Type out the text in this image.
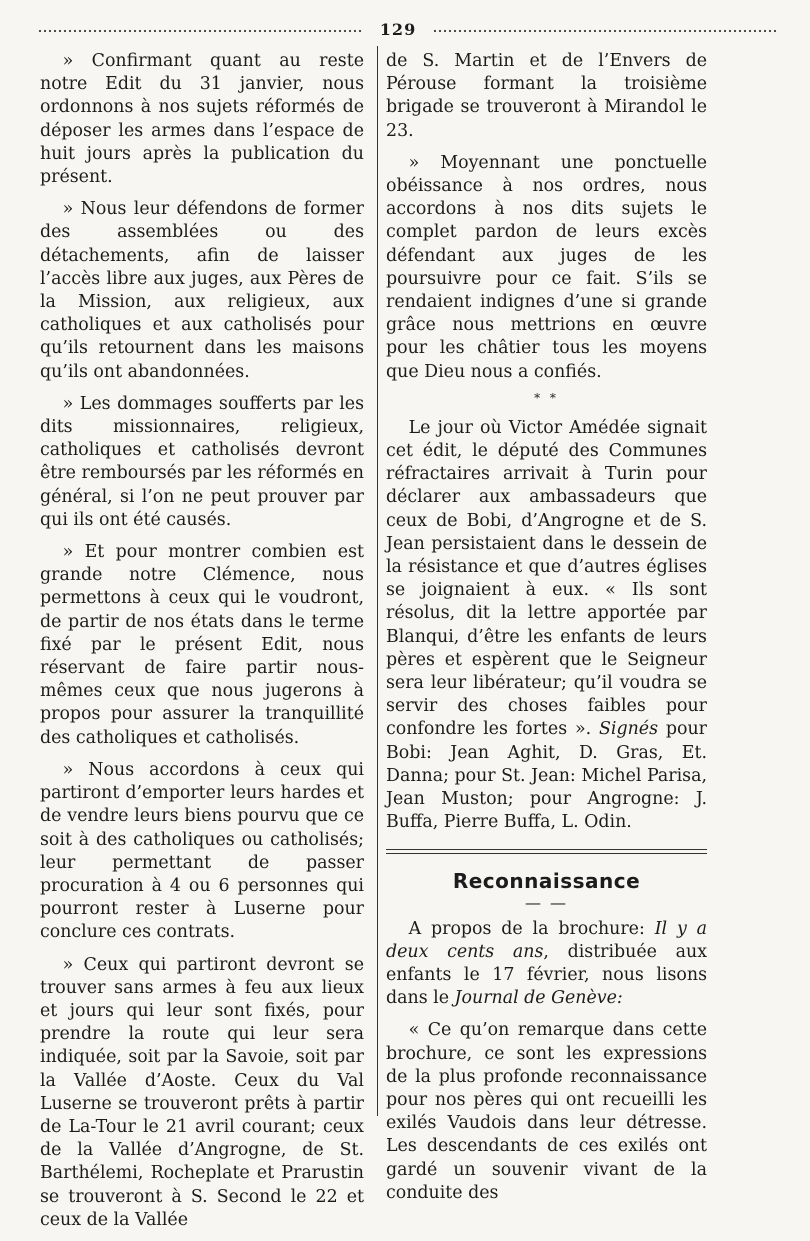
129

» Confirmant quant au reste notre Edit du 31 janvier, nous ordonnons à nos sujets réformés de déposer les armes dans l’espace de huit jours après la publication du présent.

» Nous leur défendons de former des assemblées ou des détachements, afin de laisser l’accès libre aux juges, aux Pères de la Mission, aux religieux, aux catholiques et aux catholisés pour qu’ils retournent dans les maisons qu’ils ont abandonnées.

» Les dommages soufferts par les dits missionnaires, religieux, catholiques et catholisés devront être remboursés par les réformés en général, si l’on ne peut prouver par qui ils ont été causés.

» Et pour montrer combien est grande notre Clémence, nous permettons à ceux qui le voudront, de partir de nos états dans le terme fixé par le présent Edit, nous réservant de faire partir nous-mêmes ceux que nous jugerons à propos pour assurer la tranquillité des catholiques et catholisés.

» Nous accordons à ceux qui partiront d’emporter leurs hardes et de vendre leurs biens pourvu que ce soit à des catholiques ou catholisés; leur permettant de passer procuration à 4 ou 6 personnes qui pourront rester à Luserne pour conclure ces contrats.

» Ceux qui partiront devront se trouver sans armes à feu aux lieux et jours qui leur sont fixés, pour prendre la route qui leur sera indiquée, soit par la Savoie, soit par la Vallée d’Aoste. Ceux du Val Luserne se trouveront prêts à partir de La-Tour le 21 avril courant; ceux de la Vallée d’Angrogne, de St. Barthélemi, Rocheplate et Prarustin se trouveront à S. Second le 22 et ceux de la Vallée

de S. Martin et de l’Envers de Pérouse formant la troisième brigade se trouveront à Mirandol le 23.

» Moyennant une ponctuelle obéissance à nos ordres, nous accordons à nos dits sujets le complet pardon de leurs excès défendant aux juges de les poursuivre pour ce fait. S’ils se rendaient indignes d’une si grande grâce nous mettrions en œuvre pour les châtier tous les moyens que Dieu nous a confiés.

* *

Le jour où Victor Amédée signait cet édit, le député des Communes réfractaires arrivait à Turin pour déclarer aux ambassadeurs que ceux de Bobi, d’Angrogne et de S. Jean persistaient dans le dessein de la résistance et que d’autres églises se joignaient à eux. « Ils sont résolus, dit la lettre apportée par Blanqui, d’être les enfants de leurs pères et espèrent que le Seigneur sera leur libérateur; qu’il voudra se servir des choses faibles pour confondre les fortes ». Signés pour Bobi: Jean Aghit, D. Gras, Et. Danna; pour St. Jean: Michel Parisa, Jean Muston; pour Angrogne: J. Buffa, Pierre Buffa, L. Odin.

Reconnaissance
— —

A propos de la brochure: Il y a deux cents ans, distribuée aux enfants le 17 février, nous lisons dans le Journal de Genève:

« Ce qu’on remarque dans cette brochure, ce sont les expressions de la plus profonde reconnaissance pour nos pères qui ont recueilli les exilés Vaudois dans leur détresse. Les descendants de ces exilés ont gardé un souvenir vivant de la conduite des
